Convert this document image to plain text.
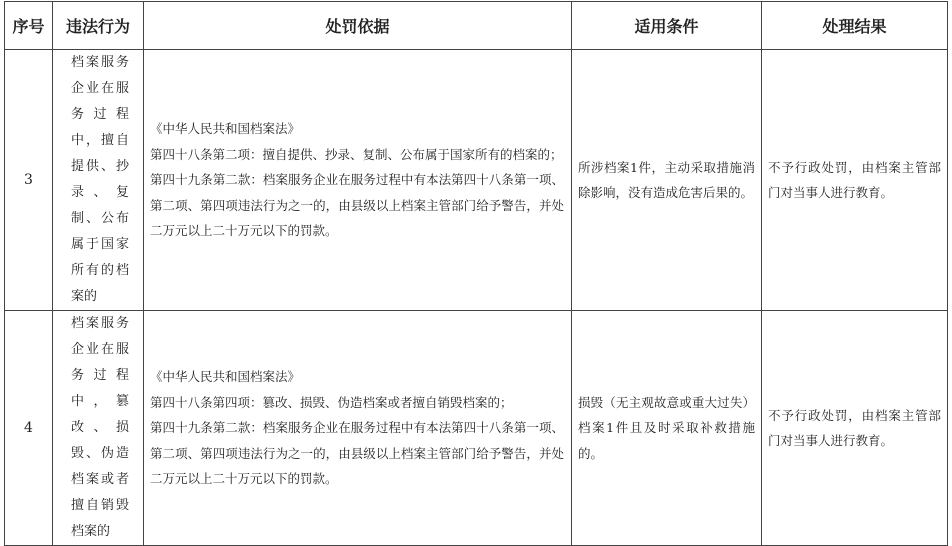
序号	违法行为	处罚依据	适用条件	处理结果
3	档案服务企业在服务过程中，擅自提供、抄录、复制、公布属于国家所有的档案的	《中华人民共和国档案法》
第四十八条第二项：擅自提供、抄录、复制、公布属于国家所有的档案的；
第四十九条第二款：档案服务企业在服务过程中有本法第四十八条第一项、第二项、第四项违法行为之一的，由县级以上档案主管部门给予警告，并处二万元以上二十万元以下的罚款。	所涉档案1件，主动采取措施消除影响，没有造成危害后果的。	不予行政处罚，由档案主管部门对当事人进行教育。
4	档案服务企业在服务过程中，篡改、损毁、伪造档案或者擅自销毁档案的	《中华人民共和国档案法》
第四十八条第四项：篡改、损毁、伪造档案或者擅自销毁档案的；
第四十九条第二款：档案服务企业在服务过程中有本法第四十八条第一项、第二项、第四项违法行为之一的，由县级以上档案主管部门给予警告，并处二万元以上二十万元以下的罚款。	损毁（无主观故意或重大过失）档案1件且及时采取补救措施的。	不予行政处罚，由档案主管部门对当事人进行教育。
